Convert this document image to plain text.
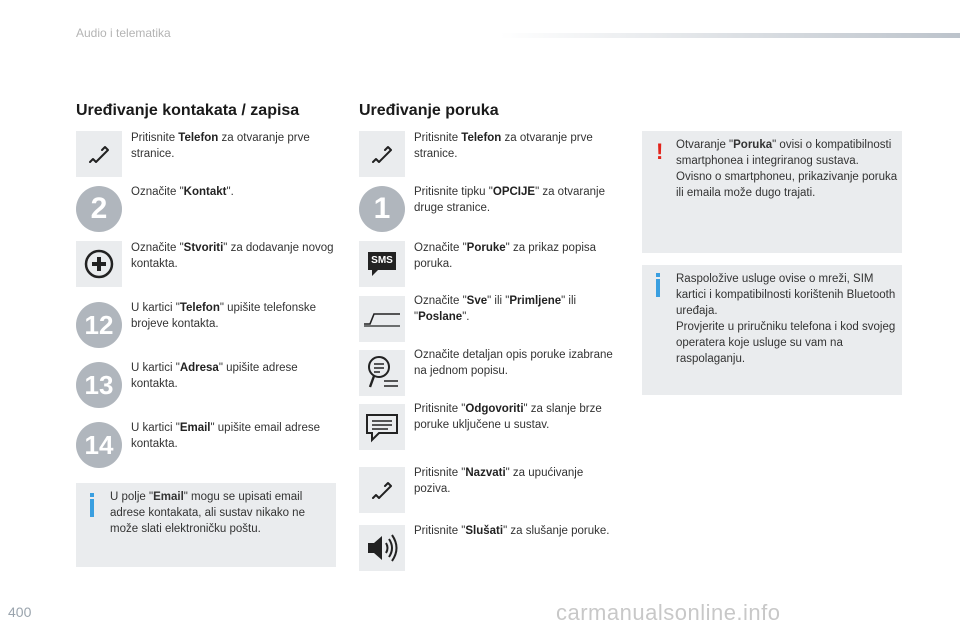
Audio i telematika
Uređivanje kontakata / zapisa
Pritisnite Telefon za otvaranje prve stranice.
2	Označite "Kontakt".
Označite "Stvoriti" za dodavanje novog kontakta.
12
U kartici "Telefon" upišite telefonske brojeve kontakta.
13
U kartici "Adresa" upišite adrese kontakta.
14
U kartici "Email" upišite email adrese kontakta.
U polje "Email" mogu se upisati email adrese kontakata, ali sustav nikako ne može slati elektroničku poštu.
Uređivanje poruka
Pritisnite Telefon za otvaranje prve stranice.
1	Pritisnite tipku "OPCIJE" za otvaranje druge stranice.
SMS
Označite "Poruke" za prikaz popisa poruka.
Označite "Sve" ili "Primljene" ili "Poslane".
Označite detaljan opis poruke izabrane na jednom popisu.
Pritisnite "Odgovoriti" za slanje brze poruke uključene u sustav.
Pritisnite "Nazvati" za upućivanje poziva.
Pritisnite "Slušati" za slušanje poruke.
! Otvaranje "Poruka" ovisi o kompatibilnosti smartphonea i integriranog sustava.
Ovisno o smartphoneu, prikazivanje poruka ili emaila može dugo trajati.
Raspoložive usluge ovise o mreži, SIM kartici i kompatibilnosti korištenih Bluetooth uređaja.
Provjerite u priručniku telefona i kod svojeg operatera koje usluge su vam na raspolaganju.
400	carmanualsonline.info
